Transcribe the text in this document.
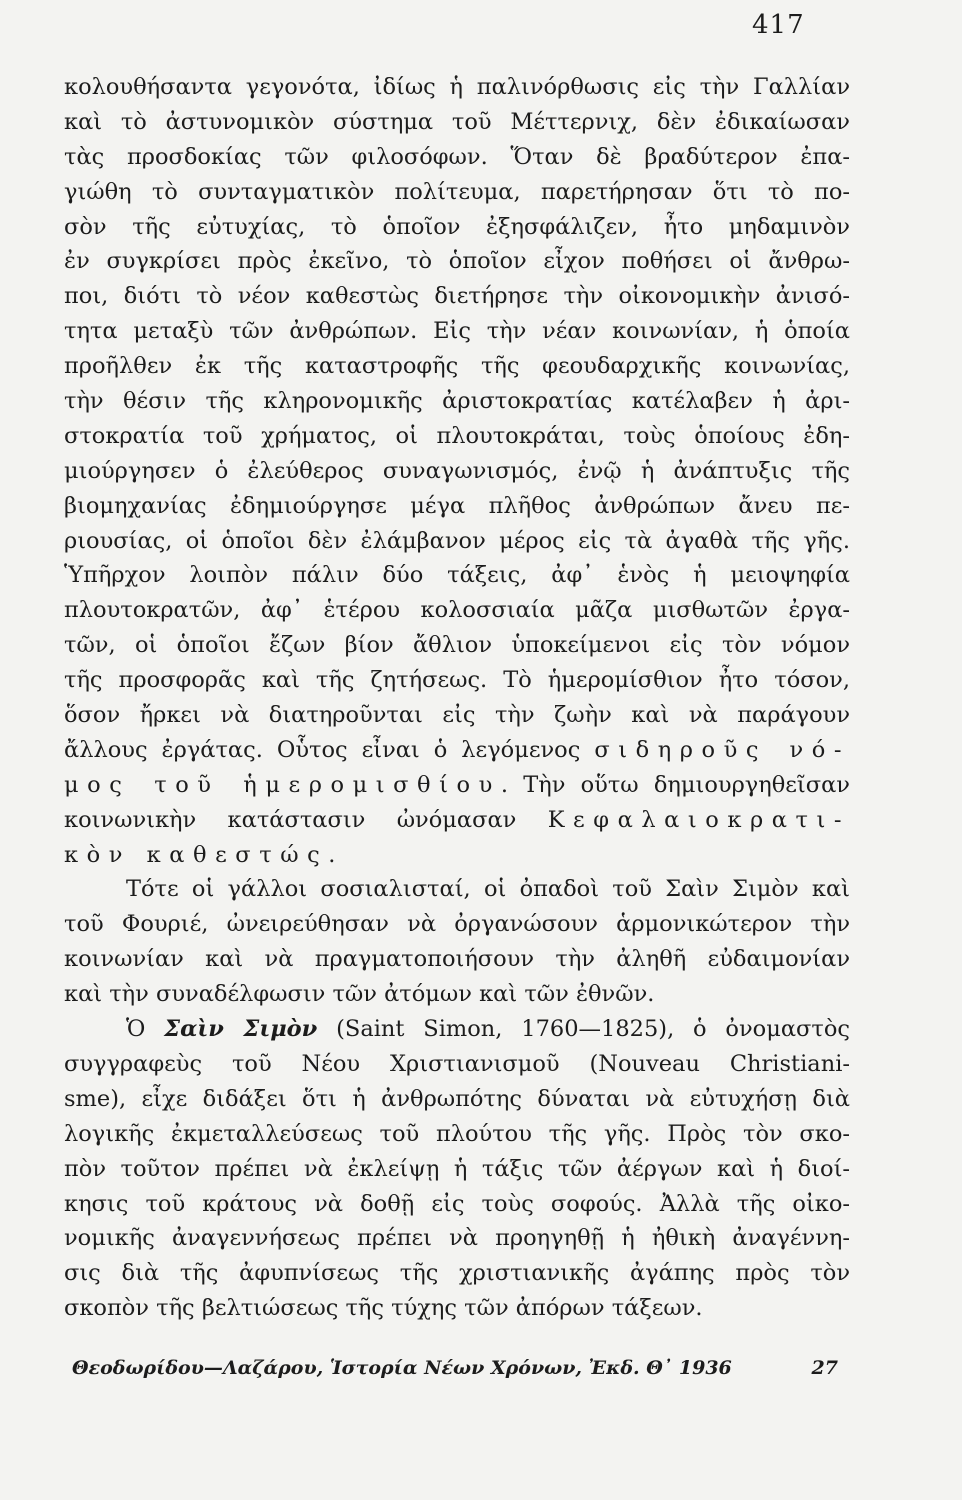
417
κολουθήσαντα γεγονότα, ἰδίως ἡ παλινόρθωσις εἰς τὴν Γαλλίαν
καὶ τὸ ἀστυνομικὸν σύστημα τοῦ Μέττερνιχ, δὲν ἐδικαίωσαν
τὰς προσδοκίας τῶν φιλοσόφων. Ὅταν δὲ βραδύτερον ἐπα-
γιώθη τὸ συνταγματικὸν πολίτευμα, παρετήρησαν ὅτι τὸ πο-
σὸν τῆς εὐτυχίας, τὸ ὁποῖον ἐξησφάλιζεν, ἦτο μηδαμινὸν
ἐν συγκρίσει πρὸς ἐκεῖνο, τὸ ὁποῖον εἶχον ποθήσει οἱ ἄνθρω-
ποι, διότι τὸ νέον καθεστὼς διετήρησε τὴν οἰκονομικὴν ἀνισό-
τητα μεταξὺ τῶν ἀνθρώπων. Εἰς τὴν νέαν κοινωνίαν, ἡ ὁποία
προῆλθεν ἐκ τῆς καταστροφῆς τῆς φεουδαρχικῆς κοινωνίας,
τὴν θέσιν τῆς κληρονομικῆς ἀριστοκρατίας κατέλαβεν ἡ ἀρι-
στοκρατία τοῦ χρήματος, οἱ πλουτοκράται, τοὺς ὁποίους ἐδη-
μιούργησεν ὁ ἐλεύθερος συναγωνισμός, ἐνῷ ἡ ἀνάπτυξις τῆς
βιομηχανίας ἐδημιούργησε μέγα πλῆθος ἀνθρώπων ἄνευ πε-
ριουσίας, οἱ ὁποῖοι δὲν ἐλάμβανον μέρος εἰς τὰ ἀγαθὰ τῆς γῆς.
Ὑπῆρχον λοιπὸν πάλιν δύο τάξεις, ἀφ᾽ ἑνὸς ἡ μειοψηφία
πλουτοκρατῶν, ἀφ᾽ ἑτέρου κολοσσιαία μᾶζα μισθωτῶν ἐργα-
τῶν, οἱ ὁποῖοι ἔζων βίον ἄθλιον ὑποκείμενοι εἰς τὸν νόμον
τῆς προσφορᾶς καὶ τῆς ζητήσεως. Τὸ ἡμερομίσθιον ἦτο τόσον,
ὅσον ἤρκει νὰ διατηροῦνται εἰς τὴν ζωὴν καὶ νὰ παράγουν
ἄλλους ἐργάτας. Οὗτος εἶναι ὁ λεγόμενος σιδηροῦς νό-
μος τοῦ ἡμερομισθίου. Τὴν οὕτω δημιουργηθεῖσαν
κοινωνικὴν κατάστασιν ὠνόμασαν Κεφαλαιοκρατι-
κὸν καθεστώς.
Τότε οἱ γάλλοι σοσιαλισταί, οἱ ὀπαδοὶ τοῦ Σαὶν Σιμὸν καὶ
τοῦ Φουριέ, ὠνειρεύθησαν νὰ ὀργανώσουν ἁρμονικώτερον τὴν
κοινωνίαν καὶ νὰ πραγματοποιήσουν τὴν ἀληθῆ εὐδαιμονίαν
καὶ τὴν συναδέλφωσιν τῶν ἀτόμων καὶ τῶν ἐθνῶν.
Ὁ Σαὶν Σιμὸν (Saint Simon, 1760—1825), ὁ ὀνομαστὸς
συγγραφεὺς τοῦ Νέου Χριστιανισμοῦ (Nouveau Christiani-
sme), εἶχε διδάξει ὅτι ἡ ἀνθρωπότης δύναται νὰ εὐτυχήσῃ διὰ
λογικῆς ἐκμεταλλεύσεως τοῦ πλούτου τῆς γῆς. Πρὸς τὸν σκο-
πὸν τοῦτον πρέπει νὰ ἐκλείψῃ ἡ τάξις τῶν ἀέργων καὶ ἡ διοί-
κησις τοῦ κράτους νὰ δοθῇ εἰς τοὺς σοφούς. Ἀλλὰ τῆς οἰκο-
νομικῆς ἀναγεννήσεως πρέπει νὰ προηγηθῇ ἡ ἠθικὴ ἀναγέννη-
σις διὰ τῆς ἀφυπνίσεως τῆς χριστιανικῆς ἀγάπης πρὸς τὸν
σκοπὸν τῆς βελτιώσεως τῆς τύχης τῶν ἀπόρων τάξεων.
Θεοδωρίδου—Λαζάρου, Ἱστορία Νέων Χρόνων, Ἐκδ. Θ᾽ 1936	27
